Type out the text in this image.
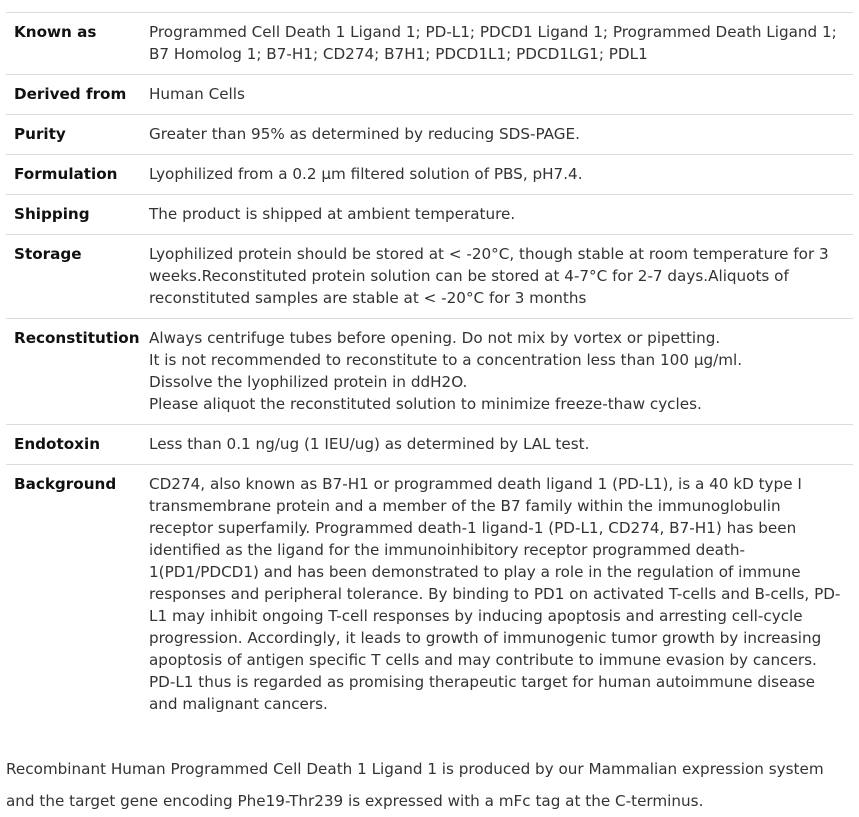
Known as	Programmed Cell Death 1 Ligand 1; PD-L1; PDCD1 Ligand 1; Programmed Death Ligand 1; B7 Homolog 1; B7-H1; CD274; B7H1; PDCD1L1; PDCD1LG1; PDL1

Derived from	Human Cells

Purity	Greater than 95% as determined by reducing SDS-PAGE.

Formulation	Lyophilized from a 0.2 μm filtered solution of PBS, pH7.4.

Shipping	The product is shipped at ambient temperature.

Storage	Lyophilized protein should be stored at < -20°C, though stable at room temperature for 3 weeks.Reconstituted protein solution can be stored at 4-7°C for 2-7 days.Aliquots of reconstituted samples are stable at < -20°C for 3 months

Reconstitution	Always centrifuge tubes before opening. Do not mix by vortex or pipetting.
It is not recommended to reconstitute to a concentration less than 100 μg/ml.
Dissolve the lyophilized protein in ddH2O.
Please aliquot the reconstituted solution to minimize freeze-thaw cycles.

Endotoxin	Less than 0.1 ng/ug (1 IEU/ug) as determined by LAL test.

Background	CD274, also known as B7-H1 or programmed death ligand 1 (PD-L1), is a 40 kD type I transmembrane protein and a member of the B7 family within the immunoglobulin receptor superfamily. Programmed death-1 ligand-1 (PD-L1, CD274, B7-H1) has been identified as the ligand for the immunoinhibitory receptor programmed death-1(PD1/PDCD1) and has been demonstrated to play a role in the regulation of immune responses and peripheral tolerance. By binding to PD1 on activated T-cells and B-cells, PD-L1 may inhibit ongoing T-cell responses by inducing apoptosis and arresting cell-cycle progression. Accordingly, it leads to growth of immunogenic tumor growth by increasing apoptosis of antigen specific T cells and may contribute to immune evasion by cancers. PD-L1 thus is regarded as promising therapeutic target for human autoimmune disease and malignant cancers.

Recombinant Human Programmed Cell Death 1 Ligand 1 is produced by our Mammalian expression system and the target gene encoding Phe19-Thr239 is expressed with a mFc tag at the C-terminus.
